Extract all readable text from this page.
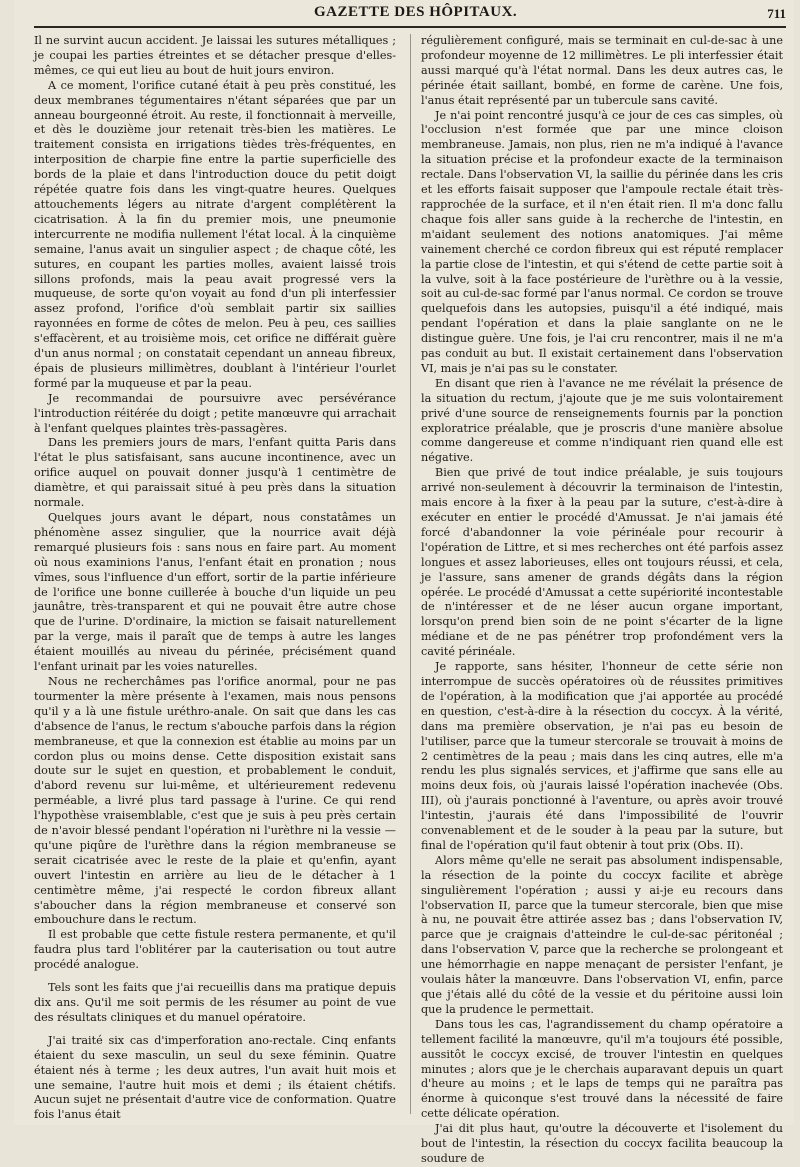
GAZETTE DES HÔPITAUX.	711

Il ne survint aucun accident. Je laissai les sutures métalliques ; je coupai les parties étreintes et se détacher presque d'elles-mêmes, ce qui eut lieu au bout de huit jours environ.

A ce moment, l'orifice cutané était à peu près constitué, les deux membranes tégumentaires n'étant séparées que par un anneau bourgeonné étroit. Au reste, il fonctionnait à merveille, et dès le douzième jour retenait très-bien les matières. Le traitement consista en irrigations tièdes très-fréquentes, en interposition de charpie fine entre la partie superficielle des bords de la plaie et dans l'introduction douce du petit doigt répétée quatre fois dans les vingt-quatre heures. Quelques attouchements légers au nitrate d'argent complétèrent la cicatrisation. À la fin du premier mois, une pneumonie intercurrente ne modifia nullement l'état local. À la cinquième semaine, l'anus avait un singulier aspect ; de chaque côté, les sutures, en coupant les parties molles, avaient laissé trois sillons profonds, mais la peau avait progressé vers la muqueuse, de sorte qu'on voyait au fond d'un pli interfessier assez profond, l'orifice d'où semblait partir six saillies rayonnées en forme de côtes de melon. Peu à peu, ces saillies s'effacèrent, et au troisième mois, cet orifice ne différait guère d'un anus normal ; on constatait cependant un anneau fibreux, épais de plusieurs millimètres, doublant à l'intérieur l'ourlet formé par la muqueuse et par la peau.

Je recommandai de poursuivre avec persévérance l'introduction réitérée du doigt ; petite manœuvre qui arrachait à l'enfant quelques plaintes très-passagères.

Dans les premiers jours de mars, l'enfant quitta Paris dans l'état le plus satisfaisant, sans aucune incontinence, avec un orifice auquel on pouvait donner jusqu'à 1 centimètre de diamètre, et qui paraissait situé à peu près dans la situation normale.

Quelques jours avant le départ, nous constatâmes un phénomène assez singulier, que la nourrice avait déjà remarqué plusieurs fois : sans nous en faire part. Au moment où nous examinions l'anus, l'enfant était en pronation ; nous vîmes, sous l'influence d'un effort, sortir de la partie inférieure de l'orifice une bonne cuillerée à bouche d'un liquide un peu jaunâtre, très-transparent et qui ne pouvait être autre chose que de l'urine. D'ordinaire, la miction se faisait naturellement par la verge, mais il paraît que de temps à autre les langes étaient mouillés au niveau du périnée, précisément quand l'enfant urinait par les voies naturelles.

Nous ne recherchâmes pas l'orifice anormal, pour ne pas tourmenter la mère présente à l'examen, mais nous pensons qu'il y a là une fistule uréthro-anale. On sait que dans les cas d'absence de l'anus, le rectum s'abouche parfois dans la région membraneuse, et que la connexion est établie au moins par un cordon plus ou moins dense. Cette disposition existait sans doute sur le sujet en question, et probablement le conduit, d'abord revenu sur lui-même, et ultérieurement redevenu perméable, a livré plus tard passage à l'urine. Ce qui rend l'hypothèse vraisemblable, c'est que je suis à peu près certain de n'avoir blessé pendant l'opération ni l'urèthre ni la vessie — qu'une piqûre de l'urèthre dans la région membraneuse se serait cicatrisée avec le reste de la plaie et qu'enfin, ayant ouvert l'intestin en arrière au lieu de le détacher à 1 centimètre même, j'ai respecté le cordon fibreux allant s'aboucher dans la région membraneuse et conservé son embouchure dans le rectum.

Il est probable que cette fistule restera permanente, et qu'il faudra plus tard l'oblitérer par la cauterisation ou tout autre procédé analogue.

Tels sont les faits que j'ai recueillis dans ma pratique depuis dix ans. Qu'il me soit permis de les résumer au point de vue des résultats cliniques et du manuel opératoire.

J'ai traité six cas d'imperforation ano-rectale. Cinq enfants étaient du sexe masculin, un seul du sexe féminin. Quatre étaient nés à terme ; les deux autres, l'un avait huit mois et une semaine, l'autre huit mois et demi ; ils étaient chétifs. Aucun sujet ne présentait d'autre vice de conformation. Quatre fois l'anus était

régulièrement configuré, mais se terminait en cul-de-sac à une profondeur moyenne de 12 millimètres. Le pli interfessier était aussi marqué qu'à l'état normal. Dans les deux autres cas, le périnée était saillant, bombé, en forme de carène. Une fois, l'anus était représenté par un tubercule sans cavité.

Je n'ai point rencontré jusqu'à ce jour de ces cas simples, où l'occlusion n'est formée que par une mince cloison membraneuse. Jamais, non plus, rien ne m'a indiqué à l'avance la situation précise et la profondeur exacte de la terminaison rectale. Dans l'observation VI, la saillie du périnée dans les cris et les efforts faisait supposer que l'ampoule rectale était très-rapprochée de la surface, et il n'en était rien. Il m'a donc fallu chaque fois aller sans guide à la recherche de l'intestin, en m'aidant seulement des notions anatomiques. J'ai même vainement cherché ce cordon fibreux qui est réputé remplacer la partie close de l'intestin, et qui s'étend de cette partie soit à la vulve, soit à la face postérieure de l'urèthre ou à la vessie, soit au cul-de-sac formé par l'anus normal. Ce cordon se trouve quelquefois dans les autopsies, puisqu'il a été indiqué, mais pendant l'opération et dans la plaie sanglante on ne le distingue guère. Une fois, je l'ai cru rencontrer, mais il ne m'a pas conduit au but. Il existait certainement dans l'observation VI, mais je n'ai pas su le constater.

En disant que rien à l'avance ne me révélait la présence de la situation du rectum, j'ajoute que je me suis volontairement privé d'une source de renseignements fournis par la ponction exploratrice préalable, que je proscris d'une manière absolue comme dangereuse et comme n'indiquant rien quand elle est négative.

Bien que privé de tout indice préalable, je suis toujours arrivé non-seulement à découvrir la terminaison de l'intestin, mais encore à la fixer à la peau par la suture, c'est-à-dire à exécuter en entier le procédé d'Amussat. Je n'ai jamais été forcé d'abandonner la voie périnéale pour recourir à l'opération de Littre, et si mes recherches ont été parfois assez longues et assez laborieuses, elles ont toujours réussi, et cela, je l'assure, sans amener de grands dégâts dans la région opérée. Le procédé d'Amussat a cette supériorité incontestable de n'intéresser et de ne léser aucun organe important, lorsqu'on prend bien soin de ne point s'écarter de la ligne médiane et de ne pas pénétrer trop profondément vers la cavité périnéale.

Je rapporte, sans hésiter, l'honneur de cette série non interrompue de succès opératoires où de réussites primitives de l'opération, à la modification que j'ai apportée au procédé en question, c'est-à-dire à la résection du coccyx. À la vérité, dans ma première observation, je n'ai pas eu besoin de l'utiliser, parce que la tumeur stercorale se trouvait à moins de 2 centimètres de la peau ; mais dans les cinq autres, elle m'a rendu les plus signalés services, et j'affirme que sans elle au moins deux fois, où j'aurais laissé l'opération inachevée (Obs. III), où j'aurais ponctionné à l'aventure, ou après avoir trouvé l'intestin, j'aurais été dans l'impossibilité de l'ouvrir convenablement et de le souder à la peau par la suture, but final de l'opération qu'il faut obtenir à tout prix (Obs. II).

Alors même qu'elle ne serait pas absolument indispensable, la résection de la pointe du coccyx facilite et abrège singulièrement l'opération ; aussi y ai-je eu recours dans l'observation II, parce que la tumeur stercorale, bien que mise à nu, ne pouvait être attirée assez bas ; dans l'observation IV, parce que je craignais d'atteindre le cul-de-sac péritonéal ; dans l'observation V, parce que la recherche se prolongeant et une hémorrhagie en nappe menaçant de persister l'enfant, je voulais hâter la manœuvre. Dans l'observation VI, enfin, parce que j'étais allé du côté de la vessie et du péritoine aussi loin que la prudence le permettait.

Dans tous les cas, l'agrandissement du champ opératoire a tellement facilité la manœuvre, qu'il m'a toujours été possible, aussitôt le coccyx excisé, de trouver l'intestin en quelques minutes ; alors que je le cherchais auparavant depuis un quart d'heure au moins ; et le laps de temps qui ne paraîtra pas énorme à quiconque s'est trouvé dans la nécessité de faire cette délicate opération.

J'ai dit plus haut, qu'outre la découverte et l'isolement du bout de l'intestin, la résection du coccyx facilita beaucoup la soudure de
